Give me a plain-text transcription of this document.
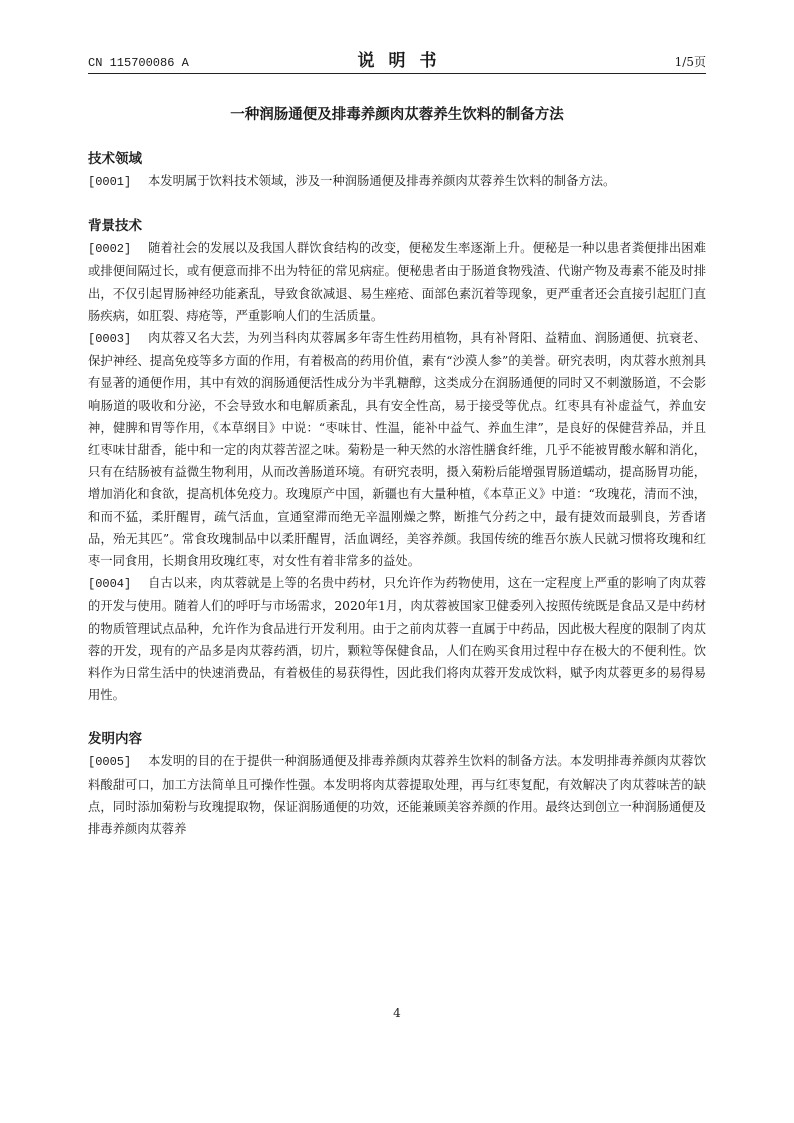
CN 115700086 A	说明书	1/5页
一种润肠通便及排毒养颜肉苁蓉养生饮料的制备方法
技术领域
[0001] 本发明属于饮料技术领域，涉及一种润肠通便及排毒养颜肉苁蓉养生饮料的制备方法。
背景技术
[0002] 随着社会的发展以及我国人群饮食结构的改变，便秘发生率逐渐上升。便秘是一种以患者粪便排出困难或排便间隔过长，或有便意而排不出为特征的常见病症。便秘患者由于肠道食物残渣、代谢产物及毒素不能及时排出，不仅引起胃肠神经功能紊乱，导致食欲减退、易生痤疮、面部色素沉着等现象，更严重者还会直接引起肛门直肠疾病，如肛裂、痔疮等，严重影响人们的生活质量。
[0003] 肉苁蓉又名大芸，为列当科肉苁蓉属多年寄生性药用植物，具有补肾阳、益精血、润肠通便、抗衰老、保护神经、提高免疫等多方面的作用，有着极高的药用价值，素有“沙漠人参”的美誉。研究表明，肉苁蓉水煎剂具有显著的通便作用，其中有效的润肠通便活性成分为半乳糖醇，这类成分在润肠通便的同时又不刺激肠道，不会影响肠道的吸收和分泌，不会导致水和电解质紊乱，具有安全性高，易于接受等优点。红枣具有补虚益气，养血安神，健脾和胃等作用，《本草纲目》中说：“枣味甘、性温，能补中益气、养血生津”，是良好的保健营养品，并且红枣味甘甜香，能中和一定的肉苁蓉苦涩之味。菊粉是一种天然的水溶性膳食纤维，几乎不能被胃酸水解和消化，只有在结肠被有益微生物利用，从而改善肠道环境。有研究表明，摄入菊粉后能增强胃肠道蠕动，提高肠胃功能，增加消化和食欲，提高机体免疫力。玫瑰原产中国，新疆也有大量种植，《本草正义》中道：“玫瑰花，清而不浊，和而不猛，柔肝醒胃，疏气活血，宣通窒滞而绝无辛温刚燥之弊，断推气分药之中，最有捷效而最驯良，芳香诸品，殆无其匹”。常食玫瑰制品中以柔肝醒胃，活血调经，美容养颜。我国传统的维吾尔族人民就习惯将玫瑰和红枣一同食用，长期食用玫瑰红枣，对女性有着非常多的益处。
[0004] 自古以来，肉苁蓉就是上等的名贵中药材，只允许作为药物使用，这在一定程度上严重的影响了肉苁蓉的开发与使用。随着人们的呼吁与市场需求，2020年1月，肉苁蓉被国家卫健委列入按照传统既是食品又是中药材的物质管理试点品种，允许作为食品进行开发利用。由于之前肉苁蓉一直属于中药品，因此极大程度的限制了肉苁蓉的开发，现有的产品多是肉苁蓉药酒，切片，颗粒等保健食品，人们在购买食用过程中存在极大的不便利性。饮料作为日常生活中的快速消费品，有着极佳的易获得性，因此我们将肉苁蓉开发成饮料，赋予肉苁蓉更多的易得易用性。
发明内容
[0005] 本发明的目的在于提供一种润肠通便及排毒养颜肉苁蓉养生饮料的制备方法。本发明排毒养颜肉苁蓉饮料酸甜可口，加工方法简单且可操作性强。本发明将肉苁蓉提取处理，再与红枣复配，有效解决了肉苁蓉味苦的缺点，同时添加菊粉与玫瑰提取物，保证润肠通便的功效，还能兼顾美容养颜的作用。最终达到创立一种润肠通便及排毒养颜肉苁蓉养
4
